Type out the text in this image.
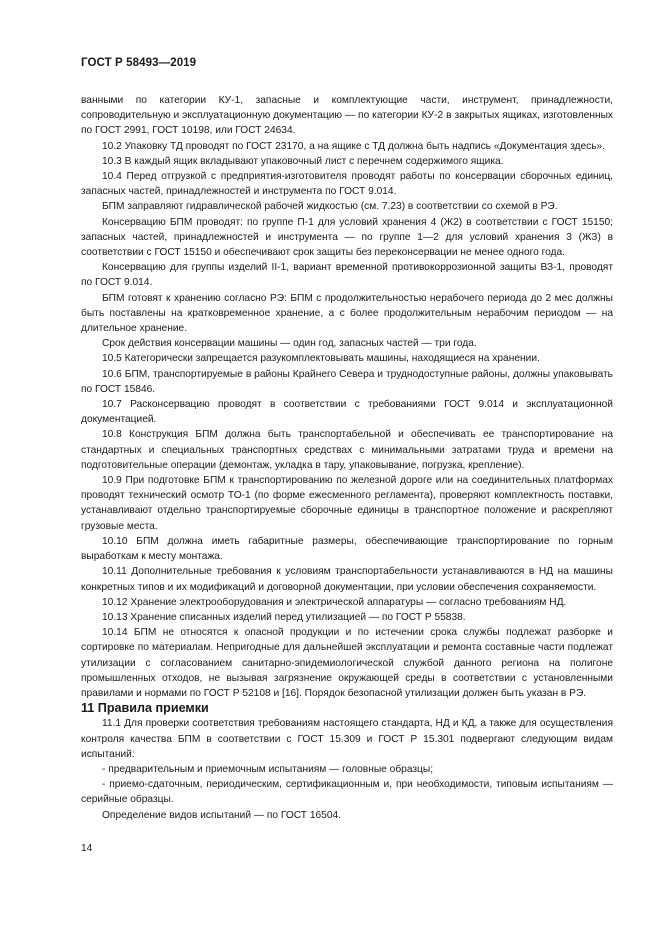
ГОСТ Р 58493—2019

ванными по категории КУ-1, запасные и комплектующие части, инструмент, принадлежности, сопроводительную и эксплуатационную документацию — по категории КУ-2 в закрытых ящиках, изготовленных по ГОСТ 2991, ГОСТ 10198, или ГОСТ 24634.

10.2 Упаковку ТД проводят по ГОСТ 23170, а на ящике с ТД должна быть надпись «Документация здесь».

10.3 В каждый ящик вкладывают упаковочный лист с перечнем содержимого ящика.

10.4 Перед отгрузкой с предприятия-изготовителя проводят работы по консервации сборочных единиц, запасных частей, принадлежностей и инструмента по ГОСТ 9.014.

БПМ заправляют гидравлической рабочей жидкостью (см. 7.23) в соответствии со схемой в РЭ.

Консервацию БПМ проводят: по группе П-1 для условий хранения 4 (Ж2) в соответствии с ГОСТ 15150; запасных частей, принадлежностей и инструмента — по группе 1—2 для условий хранения 3 (ЖЗ) в соответствии с ГОСТ 15150 и обеспечивают срок защиты без переконсервации не менее одного года.

Консервацию для группы изделий II-1, вариант временной противокоррозионной защиты ВЗ-1, проводят по ГОСТ 9.014.

БПМ готовят к хранению согласно РЭ: БПМ с продолжительностью нерабочего периода до 2 мес должны быть поставлены на кратковременное хранение, а с более продолжительным нерабочим периодом — на длительное хранение.

Срок действия консервации машины — один год, запасных частей — три года.

10.5 Категорически запрещается разукомплектовывать машины, находящиеся на хранении.

10.6 БПМ, транспортируемые в районы Крайнего Севера и труднодоступные районы, должны упаковывать по ГОСТ 15846.

10.7 Расконсервацию проводят в соответствии с требованиями ГОСТ 9.014 и эксплуатационной документацией.

10.8 Конструкция БПМ должна быть транспортабельной и обеспечивать ее транспортирование на стандартных и специальных транспортных средствах с минимальными затратами труда и времени на подготовительные операции (демонтаж, укладка в тару, упаковывание, погрузка, крепление).

10.9 При подготовке БПМ к транспортированию по железной дороге или на соединительных платформах проводят технический осмотр ТО-1 (по форме ежесменного регламента), проверяют комплектность поставки, устанавливают отдельно транспортируемые сборочные единицы в транспортное положение и раскрепляют грузовые места.

10.10 БПМ должна иметь габаритные размеры, обеспечивающие транспортирование по горным выработкам к месту монтажа.

10.11 Дополнительные требования к условиям транспортабельности устанавливаются в НД на машины конкретных типов и их модификаций и договорной документации, при условии обеспечения сохраняемости.

10.12 Хранение электрооборудования и электрической аппаратуры — согласно требованиям НД.

10.13 Хранение списанных изделий перед утилизацией — по ГОСТ Р 55838.

10.14 БПМ не относятся к опасной продукции и по истечении срока службы подлежат разборке и сортировке по материалам. Непригодные для дальнейшей эксплуатации и ремонта составные части подлежат утилизации с согласованием санитарно-эпидемиологической службой данного региона на полигоне промышленных отходов, не вызывая загрязнение окружающей среды в соответствии с установленными правилами и нормами по ГОСТ Р 52108 и [16]. Порядок безопасной утилизации должен быть указан в РЭ.

11 Правила приемки

11.1 Для проверки соответствия требованиям настоящего стандарта, НД и КД, а также для осуществления контроля качества БПМ в соответствии с ГОСТ 15.309 и ГОСТ Р 15.301 подвергают следующим видам испытаний:

- предварительным и приемочным испытаниям — головные образцы;

- приемо-сдаточным, периодическим, сертификационным и, при необходимости, типовым испытаниям — серийные образцы.

Определение видов испытаний — по ГОСТ 16504.

14
